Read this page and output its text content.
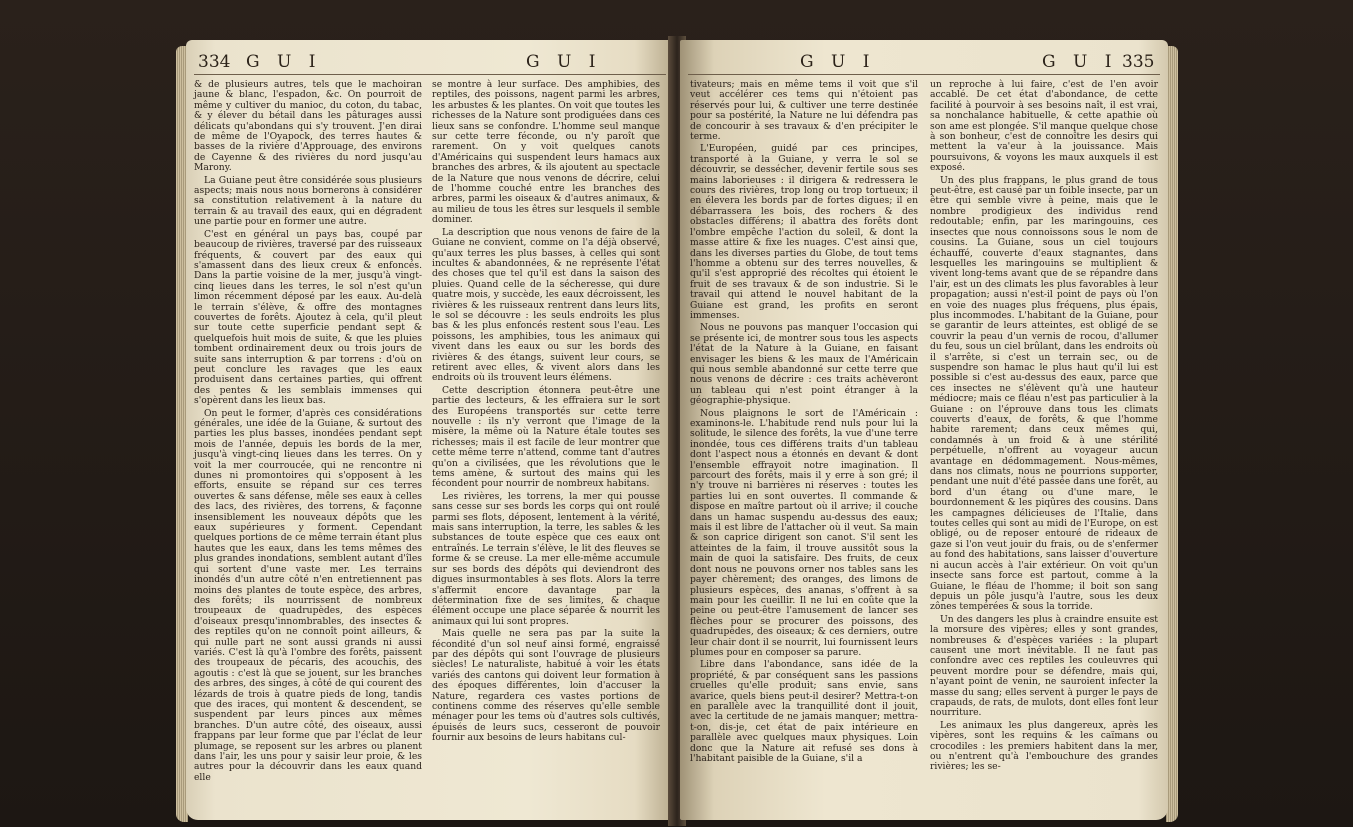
334 G U I	G U I

& de plusieurs autres, tels que le machoiran jaune & blanc, l'espadon, &c. On pourroit de même y cultiver du manioc, du coton, du tabac, & y élever du bétail dans les pâturages aussi délicats qu'abondans qui s'y trouvent. J'en dirai de même de l'Oyapock, des terres hautes & basses de la rivière d'Approuage, des environs de Cayenne & des rivières du nord jusqu'au Marony.

La Guiane peut être considérée sous plusieurs aspects; mais nous nous bornerons à considérer sa constitution relativement à la nature du terrain & au travail des eaux, qui en dégradent une partie pour en former une autre.

C'est en général un pays bas, coupé par beaucoup de rivières, traversé par des ruisseaux fréquents, & couvert par des eaux qui s'amassent dans des lieux creux & enfoncés. Dans la partie voisine de la mer, jusqu'à vingt-cinq lieues dans les terres, le sol n'est qu'un limon récemment déposé par les eaux. Au-delà le terrain s'élève, & offre des montagnes couvertes de forêts. Ajoutez à cela, qu'il pleut sur toute cette superficie pendant sept & quelquefois huit mois de suite, & que les pluies tombent ordinairement deux ou trois jours de suite sans interruption & par torrens : d'où on peut conclure les ravages que les eaux produisent dans certaines parties, qui offrent des pentes & les semblais immenses qui s'opèrent dans les lieux bas.

On peut le former, d'après ces considérations générales, une idée de la Guiane, & surtout des parties les plus basses, inondées pendant sept mois de l'année, depuis les bords de la mer, jusqu'à vingt-cinq lieues dans les terres. On y voit la mer courroucée, qui ne rencontre ni dunes ni promontoires qui s'opposent à les efforts, ensuite se répand sur ces terres ouvertes & sans défense, mêle ses eaux à celles des lacs, des rivières, des torrens, & façonne insensiblement les nouveaux dépôts que les eaux supérieures y forment. Cependant quelques portions de ce même terrain étant plus hautes que les eaux, dans les tems mêmes des plus grandes inondations, semblent autant d'îles qui sortent d'une vaste mer. Les terrains inondés d'un autre côté n'en entretiennent pas moins des plantes de toute espèce, des arbres, des forêts; ils nourrissent de nombreux troupeaux de quadrupèdes, des espèces d'oiseaux presqu'innombrables, des insectes & des reptiles qu'on ne connoît point ailleurs, & qui nulle part ne sont aussi grands ni aussi variés. C'est là qu'à l'ombre des forêts, paissent des troupeaux de pécaris, des acouchis, des agoutis : c'est là que se jouent, sur les branches des arbres, des singes, à côté de qui courent des lézards de trois à quatre pieds de long, tandis que des iraces, qui montent & descendent, se suspendent par leurs pinces aux mêmes branches. D'un autre côté, des oiseaux, aussi frappans par leur forme que par l'éclat de leur plumage, se reposent sur les arbres ou planent dans l'air, les uns pour y saisir leur proie, & les autres pour la découvrir dans les eaux quand elle

se montre à leur surface. Des amphibies, des reptiles, des poissons, nagent parmi les arbres, les arbustes & les plantes. On voit que toutes les richesses de la Nature sont prodiguées dans ces lieux sans se confondre. L'homme seul manque sur cette terre féconde, ou n'y paroît que rarement. On y voit quelques canots d'Américains qui suspendent leurs hamacs aux branches des arbres, & ils ajoutent au spectacle de la Nature que nous venons de décrire, celui de l'homme couché entre les branches des arbres, parmi les oiseaux & d'autres animaux, & au milieu de tous les êtres sur lesquels il semble dominer.

La description que nous venons de faire de la Guiane ne convient, comme on l'a déjà observé, qu'aux terres les plus basses, à celles qui sont incultes & abandonnées, & ne représente l'état des choses que tel qu'il est dans la saison des pluies. Quand celle de la sécheresse, qui dure quatre mois, y succède, les eaux décroissent, les rivières & les ruisseaux rentrent dans leurs lits, le sol se découvre : les seuls endroits les plus bas & les plus enfoncés restent sous l'eau. Les poissons, les amphibies, tous les animaux qui vivent dans les eaux ou sur les bords des rivières & des étangs, suivent leur cours, se retirent avec elles, & vivent alors dans les endroits où ils trouvent leurs élémens.

Cette description étonnera peut-être une partie des lecteurs, & les effraiera sur le sort des Européens transportés sur cette terre nouvelle : ils n'y verront que l'image de la misère, la même où la Nature étale toutes ses richesses; mais il est facile de leur montrer que cette même terre n'attend, comme tant d'autres qu'on a civilisées, que les révolutions que le tems amène, & surtout des mains qui les fécondent pour nourrir de nombreux habitans.

Les rivières, les torrens, la mer qui pousse sans cesse sur ses bords les corps qui ont roulé parmi ses flots, déposent, lentement à la vérité, mais sans interruption, la terre, les sables & les substances de toute espèce que ces eaux ont entraînés. Le terrain s'élève, le lit des fleuves se forme & se creuse. La mer elle-même accumule sur ses bords des dépôts qui deviendront des digues insurmontables à ses flots. Alors la terre s'affermit encore davantage par la détermination fixe de ses limites, & chaque élément occupe une place séparée & nourrit les animaux qui lui sont propres.

Mais quelle ne sera pas par la suite la fécondité d'un sol neuf ainsi formé, engraissé par des dépôts qui sont l'ouvrage de plusieurs siècles! Le naturaliste, habitué à voir les états variés des cantons qui doivent leur formation à des époques différentes, loin d'accuser la Nature, regardera ces vastes portions de continens comme des réserves qu'elle semble ménager pour les tems où d'autres sols cultivés, épuisés de leurs sucs, cesseront de pouvoir fournir aux besoins de leurs habitans cul-

G U I	G U I 335

tivateurs; mais en même tems il voit que s'il veut accélérer ces tems qui n'étoient pas réservés pour lui, & cultiver une terre destinée pour sa postérité, la Nature ne lui défendra pas de concourir à ses travaux & d'en précipiter le terme.

L'Européen, guidé par ces principes, transporté à la Guiane, y verra le sol se découvrir, se dessécher, devenir fertile sous ses mains laborieuses : il dirigera & redressera le cours des rivières, trop long ou trop tortueux; il en élevera les bords par de fortes digues; il en débarrassera les bois, des rochers & des obstacles différens; il abattra des forêts dont l'ombre empêche l'action du soleil, & dont la masse attire & fixe les nuages. C'est ainsi que, dans les diverses parties du Globe, de tout tems l'homme a obtenu sur des terres nouvelles, & qu'il s'est approprié des récoltes qui étoient le fruit de ses travaux & de son industrie. Si le travail qui attend le nouvel habitant de la Guiane est grand, les profits en seront immenses.

Nous ne pouvons pas manquer l'occasion qui se présente ici, de montrer sous tous les aspects l'état de la Nature à la Guiane, en faisant envisager les biens & les maux de l'Américain qui nous semble abandonné sur cette terre que nous venons de décrire : ces traits achèveront un tableau qui n'est point étranger à la géographie-physique.

Nous plaignons le sort de l'Américain : examinons-le. L'habitude rend nuls pour lui la solitude, le silence des forêts, la vue d'une terre inondée, tous ces différens traits d'un tableau dont l'aspect nous a étonnés en devant & dont l'ensemble effrayoit notre imagination. Il parcourt des forêts, mais il y erre à son gré; il n'y trouve ni barrières ni réserves : toutes les parties lui en sont ouvertes. Il commande & dispose en maître partout où il arrive; il couche dans un hamac suspendu au-dessus des eaux; mais il est libre de l'attacher où il veut. Sa main & son caprice dirigent son canot. S'il sent les atteintes de la faim, il trouve aussitôt sous la main de quoi la satisfaire. Des fruits, de ceux dont nous ne pouvons orner nos tables sans les payer chèrement; des oranges, des limons de plusieurs espèces, des ananas, s'offrent à sa main pour les cueillir. Il ne lui en coûte que la peine ou peut-être l'amusement de lancer ses flèches pour se procurer des poissons, des quadrupèdes, des oiseaux; & ces derniers, outre leur chair dont il se nourrit, lui fournissent leurs plumes pour en composer sa parure.

Libre dans l'abondance, sans idée de la propriété, & par conséquent sans les passions cruelles qu'elle produit; sans envie, sans avarice, quels biens peut-il desirer? Mettra-t-on en parallèle avec la tranquillité dont il jouit, avec la certitude de ne jamais manquer; mettra-t-on, dis-je, cet état de paix intérieure en parallèle avec quelques maux physiques. Loin donc que la Nature ait refusé ses dons à l'habitant paisible de la Guiane, s'il a

un reproche à lui faire, c'est de l'en avoir accablé. De cet état d'abondance, de cette facilité à pourvoir à ses besoins naît, il est vrai, sa nonchalance habituelle, & cette apathie où son ame est plongée. S'il manque quelque chose à son bonheur, c'est de connoître les desirs qui mettent la va'eur à la jouissance. Mais poursuivons, & voyons les maux auxquels il est exposé.

Un des plus frappans, le plus grand de tous peut-être, est causé par un foible insecte, par un être qui semble vivre à peine, mais que le nombre prodigieux des individus rend redoutable; enfin, par les maringouins, ces insectes que nous connoissons sous le nom de cousins. La Guiane, sous un ciel toujours échauffé, couverte d'eaux stagnantes, dans lesquelles les maringouins se multiplient & vivent long-tems avant que de se répandre dans l'air, est un des climats les plus favorables à leur propagation; aussi n'est-il point de pays où l'on en voie des nuages plus fréquens, plus épais, plus incommodes. L'habitant de la Guiane, pour se garantir de leurs atteintes, est obligé de se couvrir la peau d'un vernis de rocou, d'allumer du feu, sous un ciel brûlant, dans les endroits où il s'arrête, si c'est un terrain sec, ou de suspendre son hamac le plus haut qu'il lui est possible si c'est au-dessus des eaux, parce que ces insectes ne s'élèvent qu'à une hauteur médiocre; mais ce fléau n'est pas particulier à la Guiane : on l'éprouve dans tous les climats couverts d'eaux, de forêts, & que l'homme habite rarement; dans ceux mêmes qui, condamnés à un froid & à une stérilité perpétuelle, n'offrent au voyageur aucun avantage en dédommagement. Nous-mêmes, dans nos climats, nous ne pourrions supporter, pendant une nuit d'été passée dans une forêt, au bord d'un étang ou d'une mare, le bourdonnement & les piqûres des cousins. Dans les campagnes délicieuses de l'Italie, dans toutes celles qui sont au midi de l'Europe, on est obligé, ou de reposer entouré de rideaux de gaze si l'on veut jouir du frais, ou de s'enfermer au fond des habitations, sans laisser d'ouverture ni aucun accès à l'air extérieur. On voit qu'un insecte sans force est partout, comme à la Guiane, le fléau de l'homme; il boit son sang depuis un pôle jusqu'à l'autre, sous les deux zônes tempérées & sous la torride.

Un des dangers les plus à craindre ensuite est la morsure des vipères; elles y sont grandes, nombreuses & d'espèces variées : la plupart causent une mort inévitable. Il ne faut pas confondre avec ces reptiles les couleuvres qui peuvent mordre pour se défendre, mais qui, n'ayant point de venin, ne sauroient infecter la masse du sang; elles servent à purger le pays de crapauds, de rats, de mulots, dont elles font leur nourriture.

Les animaux les plus dangereux, après les vipères, sont les requins & les caïmans ou crocodiles : les premiers habitent dans la mer, ou n'entrent qu'à l'embouchure des grandes rivières; les se-
